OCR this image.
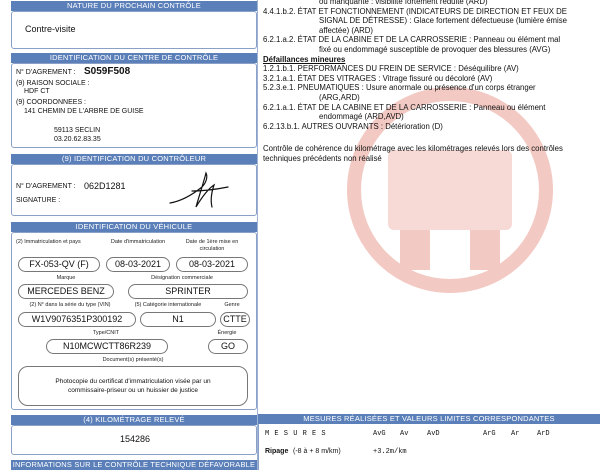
NATURE DU PROCHAIN CONTRÔLE
Contre-visite
IDENTIFICATION DU CENTRE DE CONTRÔLE
N° D'AGREMENT : S059F508
(9) RAISON SOCIALE :
HDF CT
(9) COORDONNEES :
141 CHEMIN DE L'ARBRE DE GUISE
59113 SECLIN
03.20.62.83.35
(9) IDENTIFICATION DU CONTRÔLEUR
N° D'AGREMENT : 062D1281
SIGNATURE :
IDENTIFICATION DU VÉHICULE
(2) Immatriculation et pays	Date d'immatriculation	Date de 1ère mise en circulation
FX-053-QV (F)	08-03-2021	08-03-2021
Marque	Désignation commerciale
MERCEDES BENZ	SPRINTER
(2) N° dans la série du type (VIN)	(5) Catégorie internationale	Genre
W1V9076351P300192	N1	CTTE
Type/CNIT	Énergie
N10MCWCTT86R239	GO
Document(s) présenté(s)
Photocopie du certificat d'immatriculation visée par un
commissaire-priseur ou un huissier de justice
(4) KILOMÉTRAGE RELEVÉ
154286
INFORMATIONS SUR LE CONTRÔLE TECHNIQUE DÉFAVORABLE
ou manquante : visibilité fortement réduite (ARD)
4.4.1.b.2. ÉTAT ET FONCTIONNEMENT (INDICATEURS DE DIRECTION ET FEUX DE
SIGNAL DE DÉTRESSE) : Glace fortement défectueuse (lumière émise
affectée) (ARD)
6.2.1.a.2. ÉTAT DE LA CABINE ET DE LA CARROSSERIE : Panneau ou élément mal
fixé ou endommagé susceptible de provoquer des blessures (AVG)
Défaillances mineures
1.2.1.b.1. PERFORMANCES DU FREIN DE SERVICE : Déséquilibre (AV)
3.2.1.a.1. ÉTAT DES VITRAGES : Vitrage fissuré ou décoloré (AV)
5.2.3.e.1. PNEUMATIQUES : Usure anormale ou présence d'un corps étranger
(ARG,ARD)
6.2.1.a.1. ÉTAT DE LA CABINE ET DE LA CARROSSERIE : Panneau ou élément
endommagé (ARD,AVD)
6.2.13.b.1. AUTRES OUVRANTS : Détérioration (D)
Contrôle de cohérence du kilométrage avec les kilométrages relevés lors des contrôles
techniques précédents non réalisé
MESURES RÉALISÉES ET VALEURS LIMITES CORRESPONDANTES
M E S U R E S	AvG Av	AvD	ArG Ar	ArD
Ripage (-8 à + 8 m/km)	+3.2m/km
